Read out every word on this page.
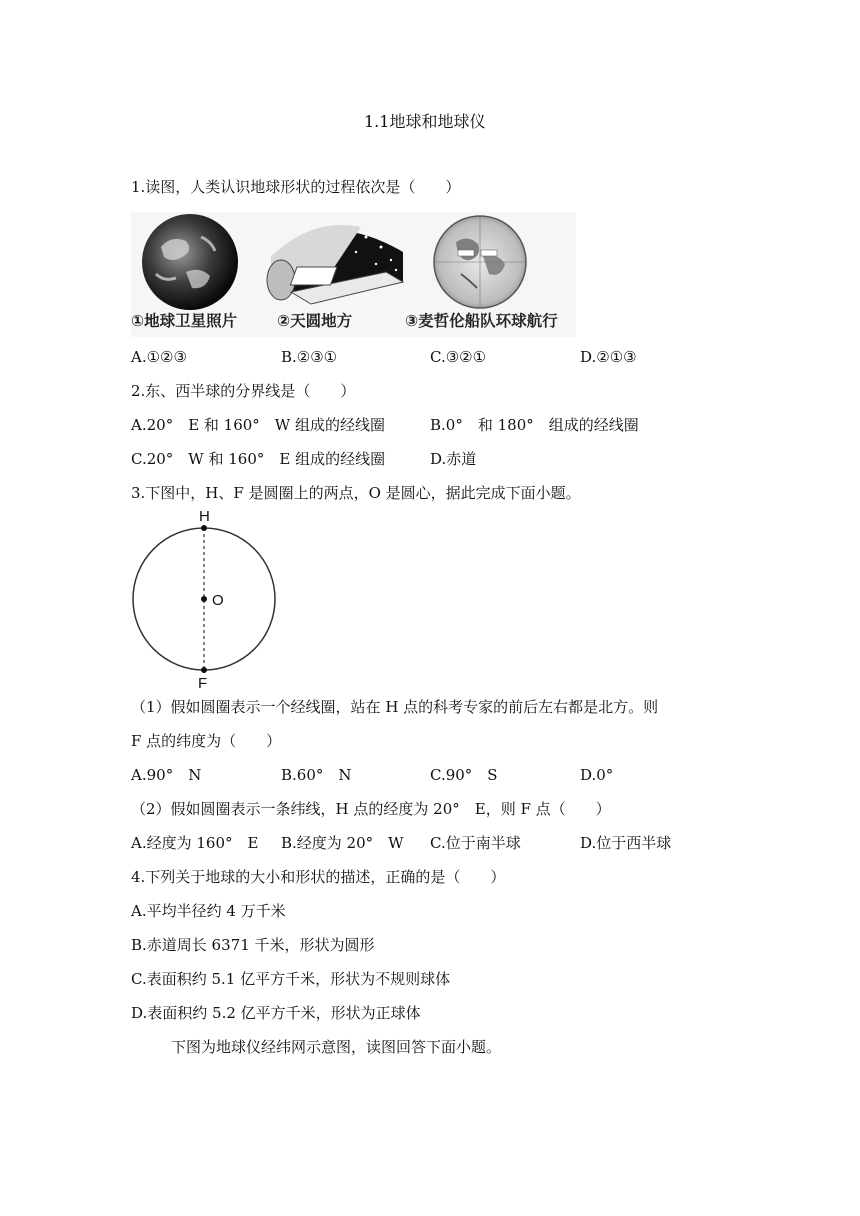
1.1地球和地球仪
1.读图，人类认识地球形状的过程依次是（　　）
①地球卫星照片	②天圆地方	③麦哲伦船队环球航行
A.①②③	B.②③①	C.③②①	D.②①③
2.东、西半球的分界线是（　　）
A.20°　E 和 160°　W 组成的经线圈	B.0°　和 180°　组成的经线圈
C.20°　W 和 160°　E 组成的经线圈	D.赤道
3.下图中，H、F 是圆圈上的两点，O 是圆心，据此完成下面小题。
H
O
F
（1）假如圆圈表示一个经线圈，站在 H 点的科考专家的前后左右都是北方。则
F 点的纬度为（　　）
A.90°　N	B.60°　N	C.90°　S	D.0°
（2）假如圆圈表示一条纬线，H 点的经度为 20°　E，则 F 点（　　）
A.经度为 160°　E B.经度为 20°　W C.位于南半球	D.位于西半球
4.下列关于地球的大小和形状的描述，正确的是（　　）
A.平均半径约 4 万千米
B.赤道周长 6371 千米，形状为圆形
C.表面积约 5.1 亿平方千米，形状为不规则球体
D.表面积约 5.2 亿平方千米，形状为正球体
下图为地球仪经纬网示意图，读图回答下面小题。
